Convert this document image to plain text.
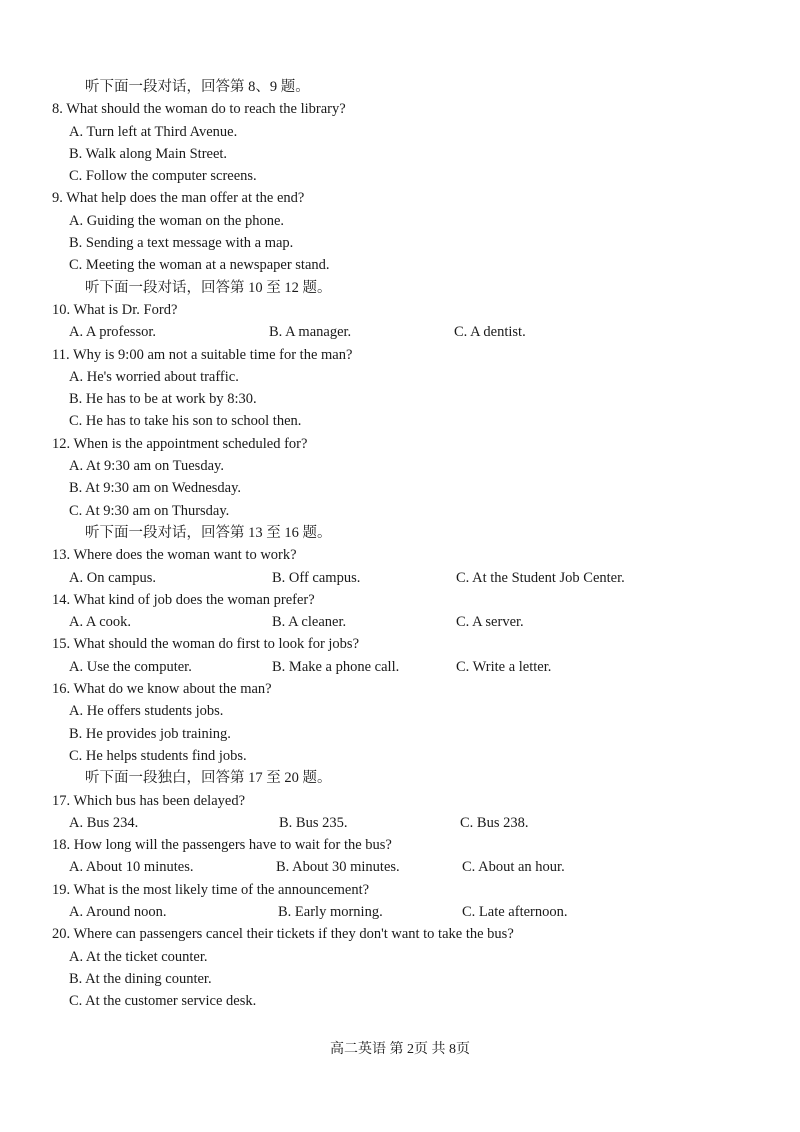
听下面一段对话，回答第 8、9 题。
8. What should the woman do to reach the library?
A. Turn left at Third Avenue.
B. Walk along Main Street.
C. Follow the computer screens.
9. What help does the man offer at the end?
A. Guiding the woman on the phone.
B. Sending a text message with a map.
C. Meeting the woman at a newspaper stand.
听下面一段对话，回答第 10 至 12 题。
10. What is Dr. Ford?
A. A professor.	B. A manager.	C. A dentist.
11. Why is 9:00 am not a suitable time for the man?
A. He's worried about traffic.
B. He has to be at work by 8:30.
C. He has to take his son to school then.
12. When is the appointment scheduled for?
A. At 9:30 am on Tuesday.
B. At 9:30 am on Wednesday.
C. At 9:30 am on Thursday.
听下面一段对话，回答第 13 至 16 题。
13. Where does the woman want to work?
A. On campus.	B. Off campus.	C. At the Student Job Center.
14. What kind of job does the woman prefer?
A. A cook.	B. A cleaner.	C. A server.
15. What should the woman do first to look for jobs?
A. Use the computer.	B. Make a phone call.	C. Write a letter.
16. What do we know about the man?
A. He offers students jobs.
B. He provides job training.
C. He helps students find jobs.
听下面一段独白，回答第 17 至 20 题。
17. Which bus has been delayed?
A. Bus 234.	B. Bus 235.	C. Bus 238.
18. How long will the passengers have to wait for the bus?
A. About 10 minutes.	B. About 30 minutes.	C. About an hour.
19. What is the most likely time of the announcement?
A. Around noon.	B. Early morning.	C. Late afternoon.
20. Where can passengers cancel their tickets if they don't want to take the bus?
A. At the ticket counter.
B. At the dining counter.
C. At the customer service desk.
高二英语 第 2页 共 8页
